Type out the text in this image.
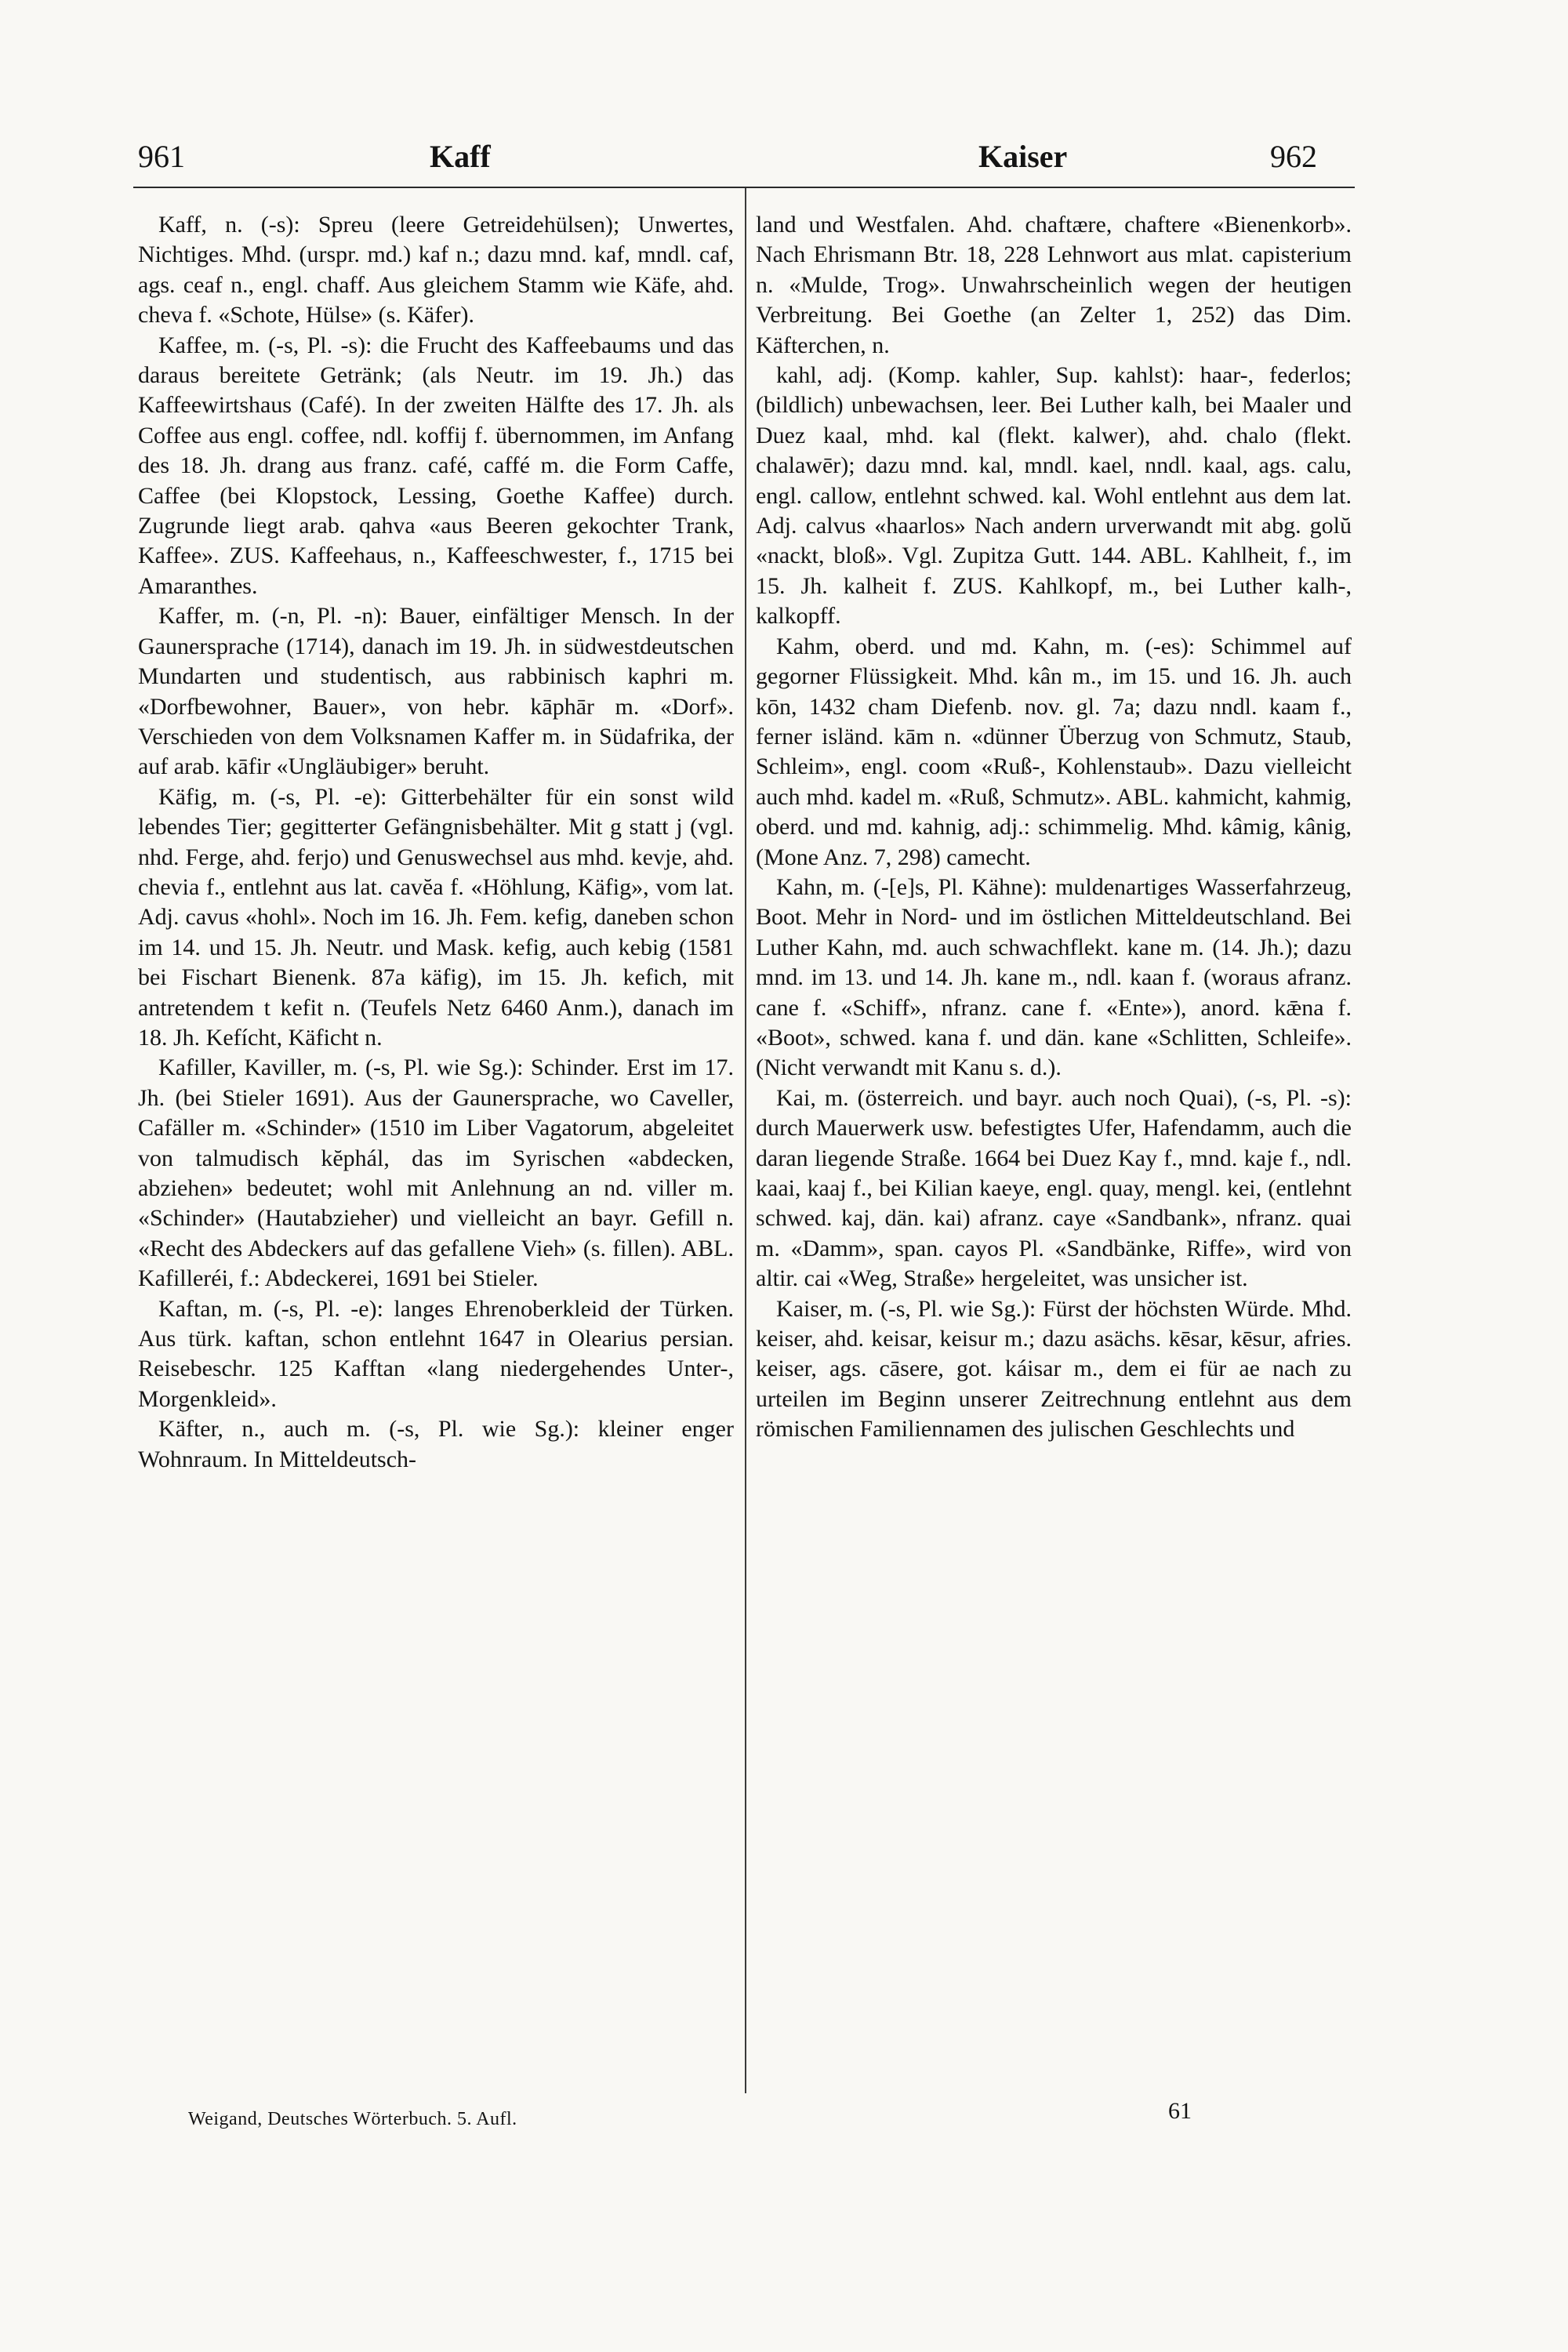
961	Kaff	Kaiser	962

Kaff, n. (-s): Spreu (leere Getreidehülsen); Unwertes, Nichtiges. Mhd. (urspr. md.) kaf n.; dazu mnd. kaf, mndl. caf, ags. ceaf n., engl. chaff. Aus gleichem Stamm wie Käfe, ahd. cheva f. «Schote, Hülse» (s. Käfer).

Kaffee, m. (-s, Pl. -s): die Frucht des Kaffeebaums und das daraus bereitete Getränk; (als Neutr. im 19. Jh.) das Kaffeewirtshaus (Café). In der zweiten Hälfte des 17. Jh. als Coffee aus engl. coffee, ndl. koffij f. übernommen, im Anfang des 18. Jh. drang aus franz. café, caffé m. die Form Caffe, Caffee (bei Klopstock, Lessing, Goethe Kaffee) durch. Zugrunde liegt arab. qahva «aus Beeren gekochter Trank, Kaffee». ZUS. Kaffeehaus, n., Kaffeeschwester, f., 1715 bei Amaranthes.

Kaffer, m. (-n, Pl. -n): Bauer, einfältiger Mensch. In der Gaunersprache (1714), danach im 19. Jh. in südwestdeutschen Mundarten und studentisch, aus rabbinisch kaphri m. «Dorfbewohner, Bauer», von hebr. kāphār m. «Dorf». Verschieden von dem Volksnamen Kaffer m. in Südafrika, der auf arab. kāfir «Ungläubiger» beruht.

Käfig, m. (-s, Pl. -e): Gitterbehälter für ein sonst wild lebendes Tier; gegitterter Gefängnisbehälter. Mit g statt j (vgl. nhd. Ferge, ahd. ferjo) und Genuswechsel aus mhd. kevje, ahd. chevia f., entlehnt aus lat. cavĕa f. «Höhlung, Käfig», vom lat. Adj. cavus «hohl». Noch im 16. Jh. Fem. kefig, daneben schon im 14. und 15. Jh. Neutr. und Mask. kefig, auch kebig (1581 bei Fischart Bienenk. 87a käfig), im 15. Jh. kefich, mit antretendem t kefit n. (Teufels Netz 6460 Anm.), danach im 18. Jh. Kefícht, Käficht n.

Kafiller, Kaviller, m. (-s, Pl. wie Sg.): Schinder. Erst im 17. Jh. (bei Stieler 1691). Aus der Gaunersprache, wo Caveller, Cafäller m. «Schinder» (1510 im Liber Vagatorum, abgeleitet von talmudisch kĕphál, das im Syrischen «abdecken, abziehen» bedeutet; wohl mit Anlehnung an nd. viller m. «Schinder» (Hautabzieher) und vielleicht an bayr. Gefill n. «Recht des Abdeckers auf das gefallene Vieh» (s. fillen). ABL. Kafilleréi, f.: Abdeckerei, 1691 bei Stieler.

Kaftan, m. (-s, Pl. -e): langes Ehrenoberkleid der Türken. Aus türk. kaftan, schon entlehnt 1647 in Olearius persian. Reisebeschr. 125 Kafftan «lang niedergehendes Unter-, Morgenkleid».

Käfter, n., auch m. (-s, Pl. wie Sg.): kleiner enger Wohnraum. In Mitteldeutsch-

land und Westfalen. Ahd. chaftære, chaftere «Bienenkorb». Nach Ehrismann Btr. 18, 228 Lehnwort aus mlat. capisterium n. «Mulde, Trog». Unwahrscheinlich wegen der heutigen Verbreitung. Bei Goethe (an Zelter 1, 252) das Dim. Käfterchen, n.

kahl, adj. (Komp. kahler, Sup. kahlst): haar-, federlos; (bildlich) unbewachsen, leer. Bei Luther kalh, bei Maaler und Duez kaal, mhd. kal (flekt. kalwer), ahd. chalo (flekt. chalawēr); dazu mnd. kal, mndl. kael, nndl. kaal, ags. calu, engl. callow, entlehnt schwed. kal. Wohl entlehnt aus dem lat. Adj. calvus «haarlos» Nach andern urverwandt mit abg. golŭ «nackt, bloß». Vgl. Zupitza Gutt. 144. ABL. Kahlheit, f., im 15. Jh. kalheit f. ZUS. Kahlkopf, m., bei Luther kalh-, kalkopff.

Kahm, oberd. und md. Kahn, m. (-es): Schimmel auf gegorner Flüssigkeit. Mhd. kân m., im 15. und 16. Jh. auch kōn, 1432 cham Diefenb. nov. gl. 7a; dazu nndl. kaam f., ferner isländ. kām n. «dünner Überzug von Schmutz, Staub, Schleim», engl. coom «Ruß-, Kohlenstaub». Dazu vielleicht auch mhd. kadel m. «Ruß, Schmutz». ABL. kahmicht, kahmig, oberd. und md. kahnig, adj.: schimmelig. Mhd. kâmig, kânig, (Mone Anz. 7, 298) camecht.

Kahn, m. (-[e]s, Pl. Kähne): muldenartiges Wasserfahrzeug, Boot. Mehr in Nord- und im östlichen Mitteldeutschland. Bei Luther Kahn, md. auch schwachflekt. kane m. (14. Jh.); dazu mnd. im 13. und 14. Jh. kane m., ndl. kaan f. (woraus afranz. cane f. «Schiff», nfranz. cane f. «Ente»), anord. kǣna f. «Boot», schwed. kana f. und dän. kane «Schlitten, Schleife». (Nicht verwandt mit Kanu s. d.).

Kai, m. (österreich. und bayr. auch noch Quai), (-s, Pl. -s): durch Mauerwerk usw. befestigtes Ufer, Hafendamm, auch die daran liegende Straße. 1664 bei Duez Kay f., mnd. kaje f., ndl. kaai, kaaj f., bei Kilian kaeye, engl. quay, mengl. kei, (entlehnt schwed. kaj, dän. kai) afranz. caye «Sandbank», nfranz. quai m. «Damm», span. cayos Pl. «Sandbänke, Riffe», wird von altir. cai «Weg, Straße» hergeleitet, was unsicher ist.

Kaiser, m. (-s, Pl. wie Sg.): Fürst der höchsten Würde. Mhd. keiser, ahd. keisar, keisur m.; dazu asächs. kēsar, kēsur, afries. keiser, ags. cāsere, got. káisar m., dem ei für ae nach zu urteilen im Beginn unserer Zeitrechnung entlehnt aus dem römischen Familiennamen des julischen Geschlechts und

Weigand, Deutsches Wörterbuch. 5. Aufl.	61
